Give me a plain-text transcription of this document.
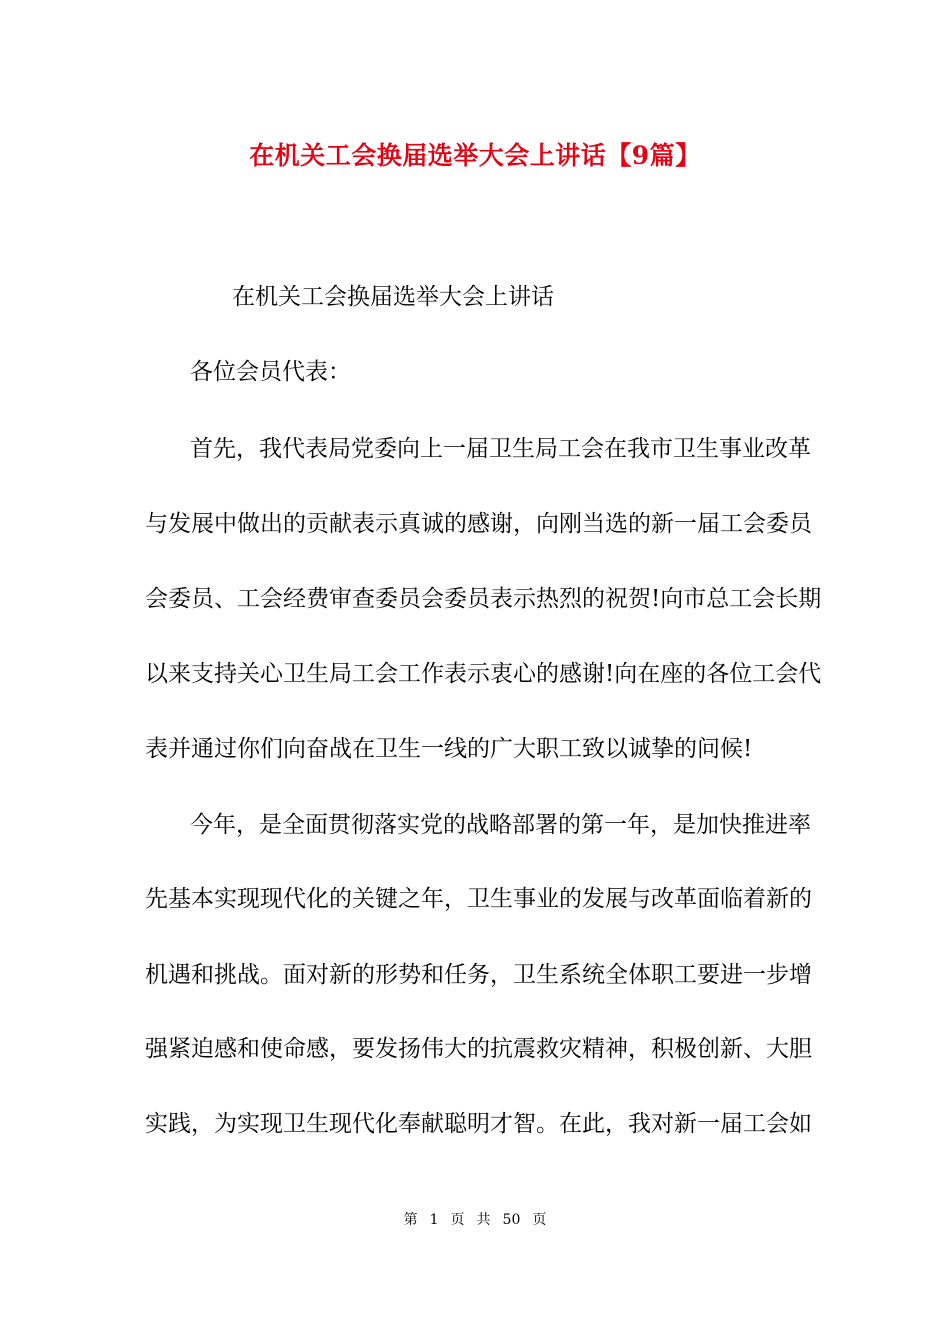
在机关工会换届选举大会上讲话【9篇】
在机关工会换届选举大会上讲话
各位会员代表：
首先，我代表局党委向上一届卫生局工会在我市卫生事业改革
与发展中做出的贡献表示真诚的感谢，向刚当选的新一届工会委员
会委员、工会经费审查委员会委员表示热烈的祝贺!向市总工会长期
以来支持关心卫生局工会工作表示衷心的感谢!向在座的各位工会代
表并通过你们向奋战在卫生一线的广大职工致以诚挚的问候!
今年，是全面贯彻落实党的战略部署的第一年，是加快推进率
先基本实现现代化的关键之年，卫生事业的发展与改革面临着新的
机遇和挑战。面对新的形势和任务，卫生系统全体职工要进一步增
强紧迫感和使命感，要发扬伟大的抗震救灾精神，积极创新、大胆
实践，为实现卫生现代化奉献聪明才智。在此，我对新一届工会如
第 1 页 共 50 页
